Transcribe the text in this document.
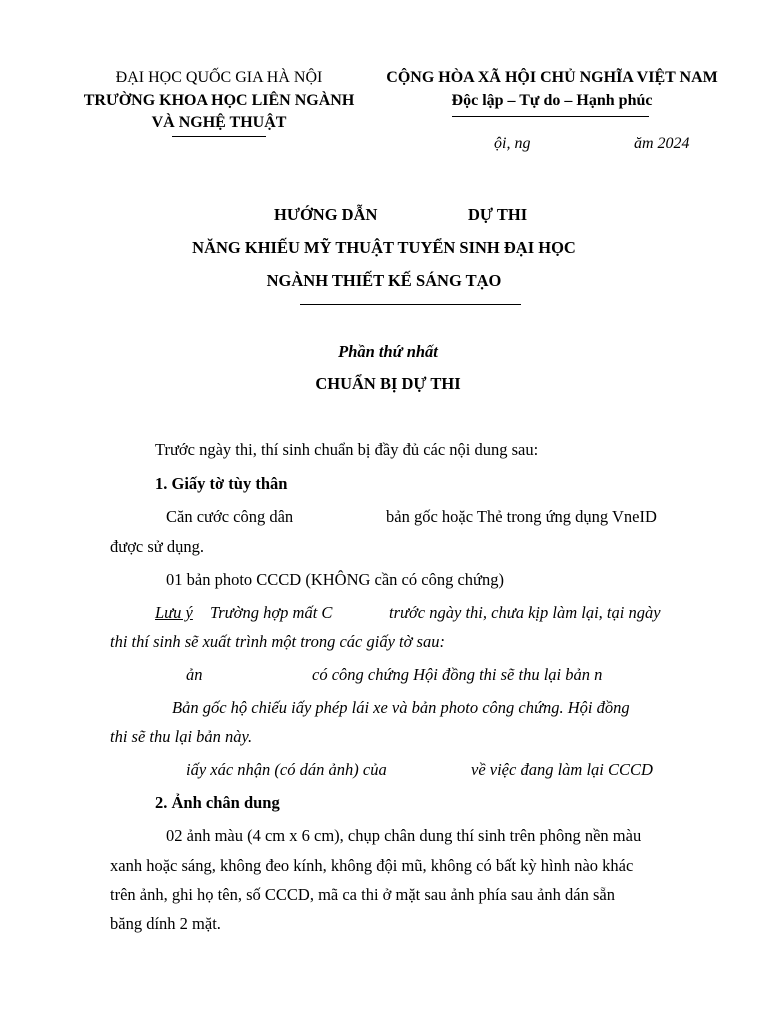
ĐẠI HỌC QUỐC GIA HÀ NỘI
TRƯỜNG KHOA HỌC LIÊN NGÀNH
VÀ NGHỆ THUẬT
CỘNG HÒA XÃ HỘI CHỦ NGHĨA VIỆT NAM
Độc lập – Tự do – Hạnh phúc
ội, ng	ăm 2024
HƯỚNG DẪN	DỰ THI
NĂNG KHIẾU MỸ THUẬT TUYỂN SINH ĐẠI HỌC
NGÀNH THIẾT KẾ SÁNG TẠO
Phần thứ nhất
CHUẨN BỊ DỰ THI
Trước ngày thi, thí sinh chuẩn bị đầy đủ các nội dung sau:
1. Giấy tờ tùy thân
Căn cước công dân	bản gốc hoặc Thẻ trong ứng dụng VneID
được sử dụng.
01 bản photo CCCD (KHÔNG cần có công chứng)
Lưu ý Trường hợp mất C	trước ngày thi, chưa kịp làm lại, tại ngày
thi thí sinh sẽ xuất trình một trong các giấy tờ sau:
ản	có công chứng Hội đồng thi sẽ thu lại bản n
Bản gốc hộ chiếu iấy phép lái xe và bản photo công chứng. Hội đồng
thi sẽ thu lại bản này.
iấy xác nhận (có dán ảnh) của	về việc đang làm lại CCCD
2. Ảnh chân dung
02 ảnh màu (4 cm x 6 cm), chụp chân dung thí sinh trên phông nền màu
xanh hoặc sáng, không đeo kính, không đội mũ, không có bất kỳ hình nào khác
trên ảnh, ghi họ tên, số CCCD, mã ca thi ở mặt sau ảnh phía sau ảnh dán sẵn
băng dính 2 mặt.
